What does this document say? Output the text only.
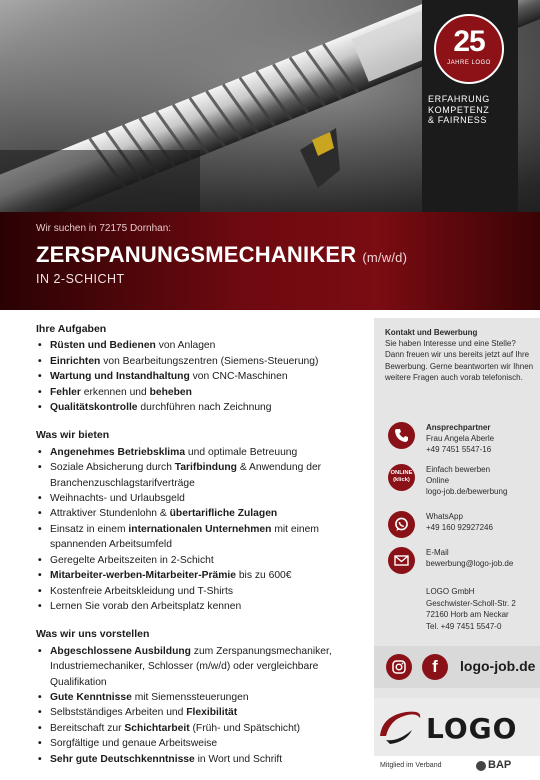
25
JAHRE LOGO
ERFAHRUNG
KOMPETENZ
& FAIRNESS
Wir suchen in 72175 Dornhan:
ZERSPANUNGSMECHANIKER (m/w/d)
IN 2-SCHICHT
Ihre Aufgaben
• Rüsten und Bedienen von Anlagen
• Einrichten von Bearbeitungszentren (Siemens-Steuerung)
• Wartung und Instandhaltung von CNC-Maschinen
• Fehler erkennen und beheben
• Qualitätskontrolle durchführen nach Zeichnung
Was wir bieten
• Angenehmes Betriebsklima und optimale Betreuung
• Soziale Absicherung durch Tarifbindung & Anwendung der Branchenzuschlagstarifverträge
• Weihnachts- und Urlaubsgeld
• Attraktiver Stundenlohn & übertarifliche Zulagen
• Einsatz in einem internationalen Unternehmen mit einem spannenden Arbeitsumfeld
• Geregelte Arbeitszeiten in 2-Schicht
• Mitarbeiter-werben-Mitarbeiter-Prämie bis zu 600€
• Kostenfreie Arbeitskleidung und T-Shirts
• Lernen Sie vorab den Arbeitsplatz kennen
Was wir uns vorstellen
• Abgeschlossene Ausbildung zum Zerspanungsmechaniker, Industriemechaniker, Schlosser (m/w/d) oder vergleichbare Qualifikation
• Gute Kenntnisse mit Siemenssteuerungen
• Selbstständiges Arbeiten und Flexibilität
• Bereitschaft zur Schichtarbeit (Früh- und Spätschicht)
• Sorgfältige und genaue Arbeitsweise
• Sehr gute Deutschkenntnisse in Wort und Schrift
Kontakt und Bewerbung
Sie haben Interesse und eine Stelle? Dann freuen wir uns bereits jetzt auf Ihre Bewerbung. Gerne beantworten wir Ihnen weitere Fragen auch vorab telefonisch.
Ansprechpartner
Frau Angela Aberle
+49 7451 5547-16
ONLINE
(klick)
Einfach bewerben
Online
logo-job.de/bewerbung
WhatsApp
+49 160 92927246
E-Mail
bewerbung@logo-job.de
LOGO GmbH
Geschwister-Scholl-Str. 2
72160 Horb am Neckar
Tel. +49 7451 5547-0
f	logo-job.de
LOGO
Mitglied im Verband	BAP
